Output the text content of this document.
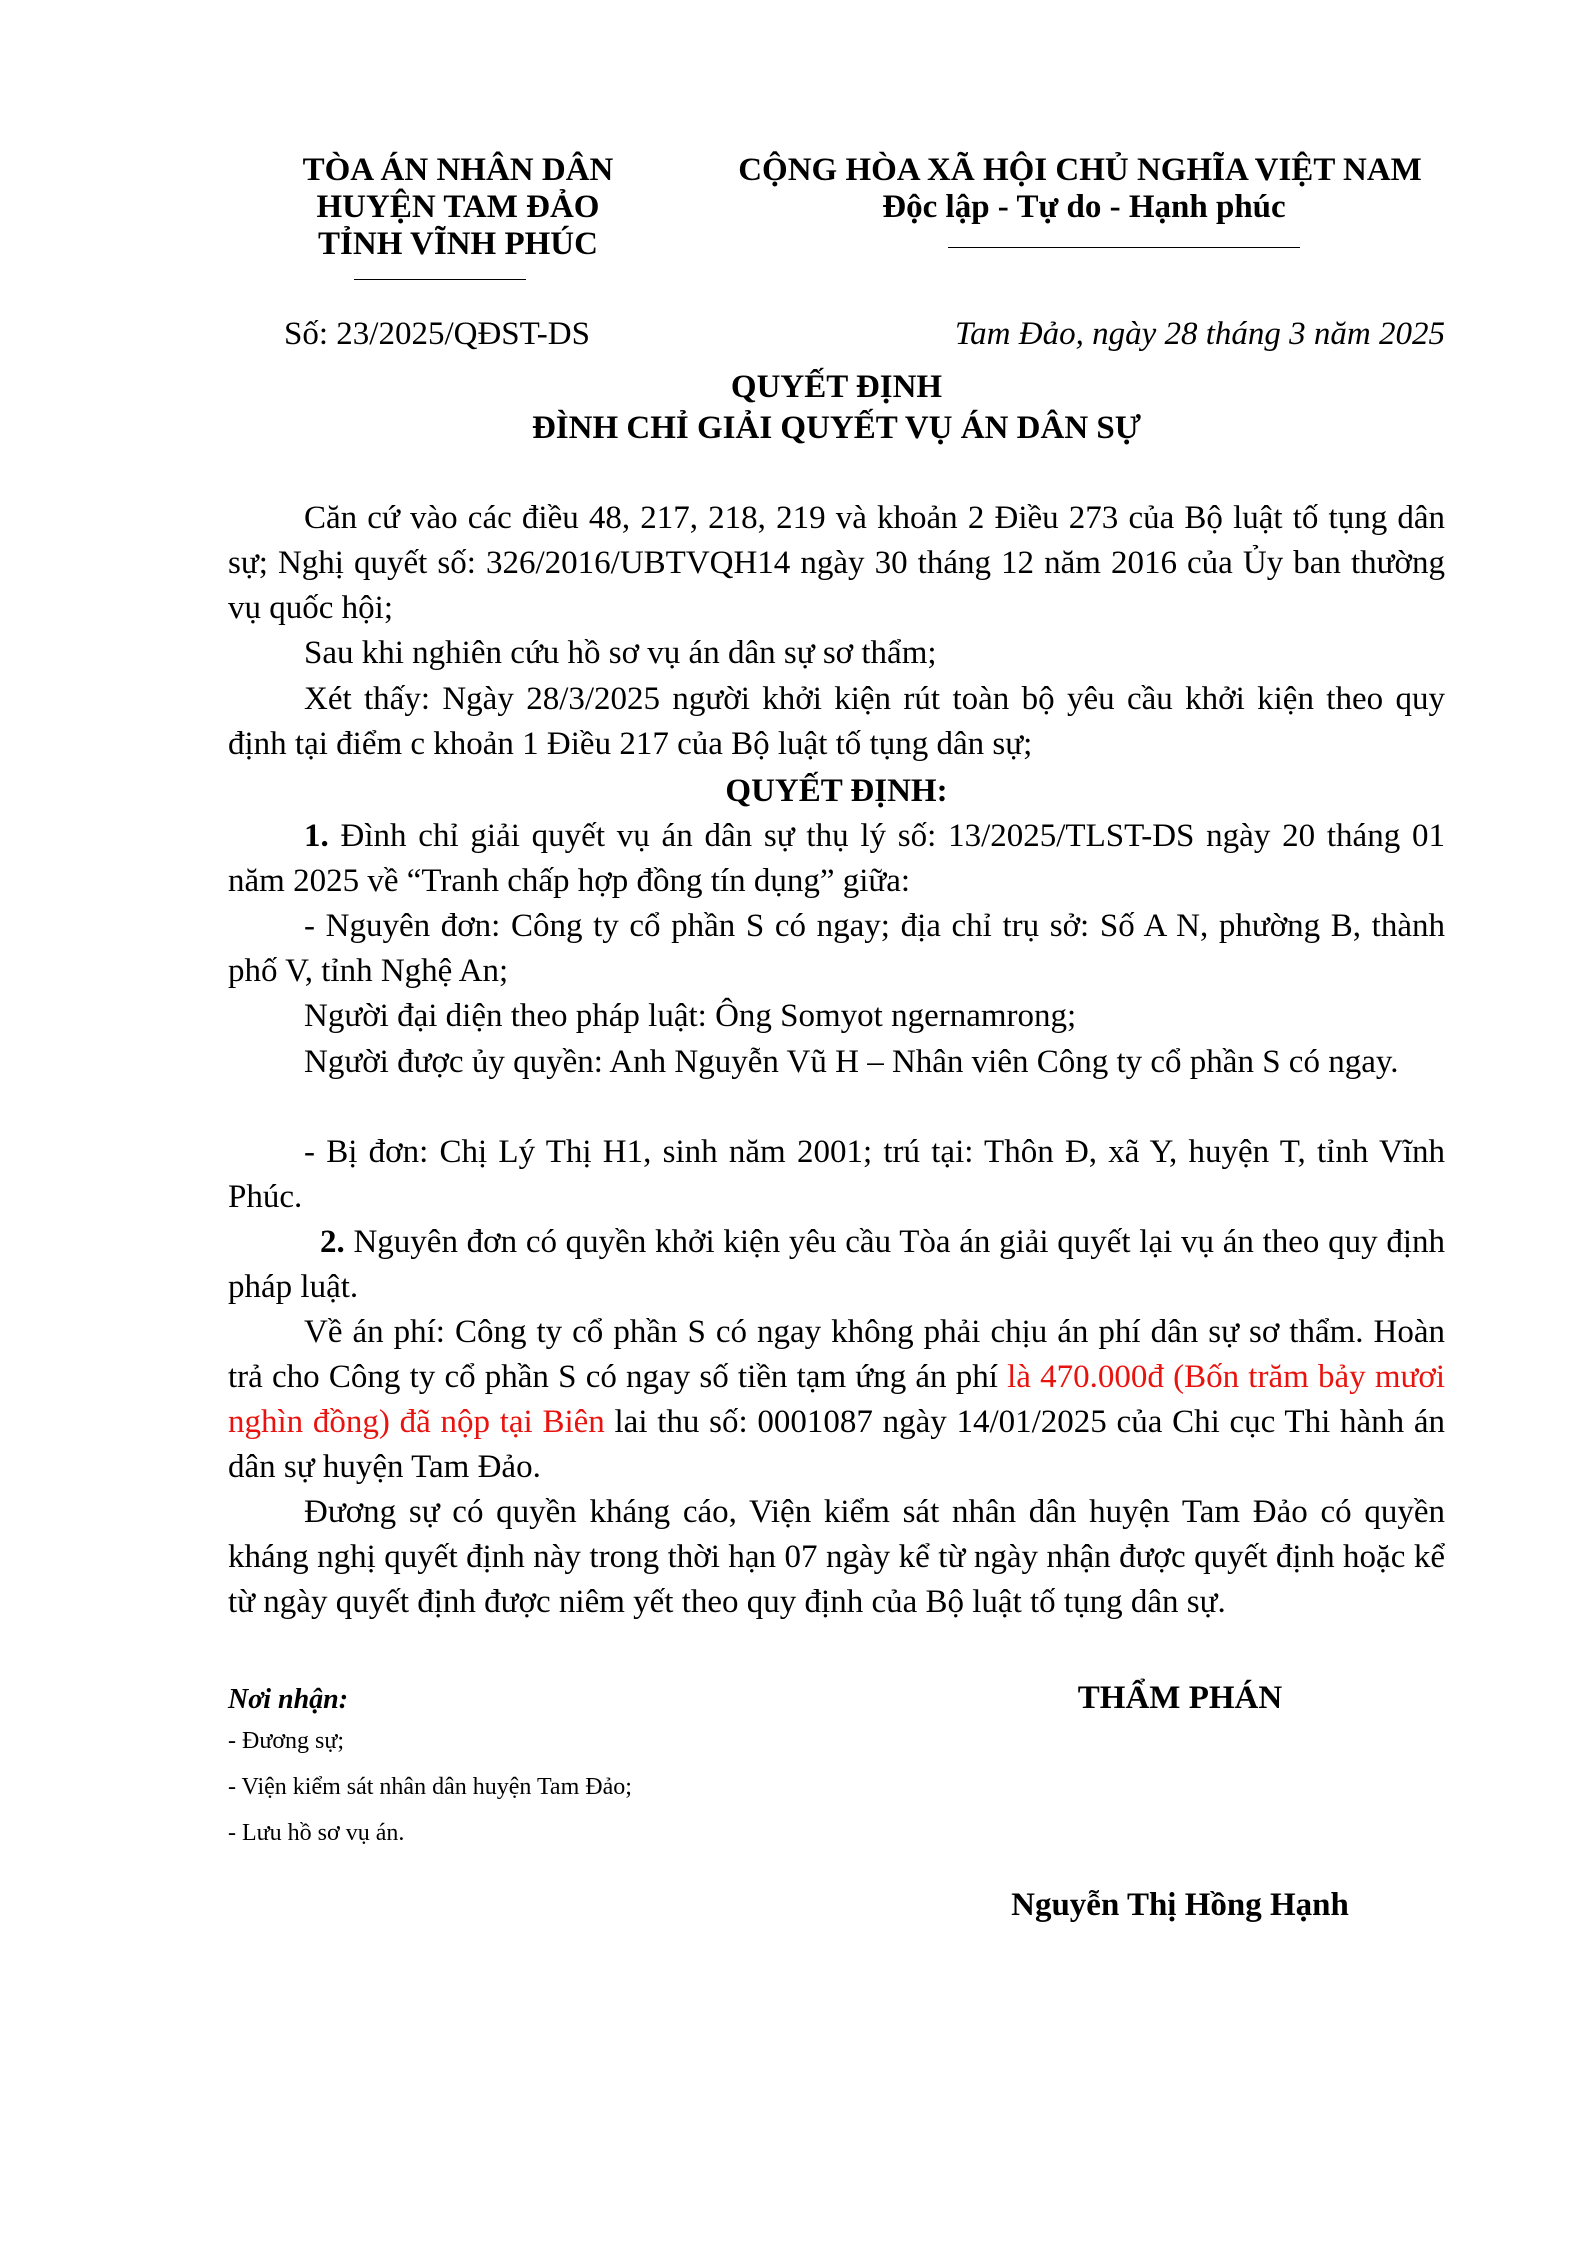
TÒA ÁN NHÂN DÂN
HUYỆN TAM ĐẢO
TỈNH VĨNH PHÚC
CỘNG HÒA XÃ HỘI CHỦ NGHĨA VIỆT NAM
Độc lập - Tự do - Hạnh phúc
Số: 23/2025/QĐST-DS	Tam Đảo, ngày 28 tháng 3 năm 2025
QUYẾT ĐỊNH
ĐÌNH CHỈ GIẢI QUYẾT VỤ ÁN DÂN SỰ

Căn cứ vào các điều 48, 217, 218, 219 và khoản 2 Điều 273 của Bộ luật tố tụng dân sự; Nghị quyết số: 326/2016/UBTVQH14 ngày 30 tháng 12 năm 2016 của Ủy ban thường vụ quốc hội;

Sau khi nghiên cứu hồ sơ vụ án dân sự sơ thẩm;

Xét thấy: Ngày 28/3/2025 người khởi kiện rút toàn bộ yêu cầu khởi kiện theo quy định tại điểm c khoản 1 Điều 217 của Bộ luật tố tụng dân sự;

QUYẾT ĐỊNH:

1. Đình chỉ giải quyết vụ án dân sự thụ lý số: 13/2025/TLST-DS ngày 20 tháng 01 năm 2025 về “Tranh chấp hợp đồng tín dụng” giữa:

- Nguyên đơn: Công ty cổ phần S có ngay; địa chỉ trụ sở: Số A N, phường B, thành phố V, tỉnh Nghệ An;

Người đại diện theo pháp luật: Ông Somyot ngernamrong;

Người được ủy quyền: Anh Nguyễn Vũ H – Nhân viên Công ty cổ phần S có ngay.

- Bị đơn: Chị Lý Thị H1, sinh năm 2001; trú tại: Thôn Đ, xã Y, huyện T, tỉnh Vĩnh Phúc.

2. Nguyên đơn có quyền khởi kiện yêu cầu Tòa án giải quyết lại vụ án theo quy định pháp luật.

Về án phí: Công ty cổ phần S có ngay không phải chịu án phí dân sự sơ thẩm. Hoàn trả cho Công ty cổ phần S có ngay số tiền tạm ứng án phí là 470.000đ (Bốn trăm bảy mươi nghìn đồng) đã nộp tại Biên lai thu số: 0001087 ngày 14/01/2025 của Chi cục Thi hành án dân sự huyện Tam Đảo.

Đương sự có quyền kháng cáo, Viện kiểm sát nhân dân huyện Tam Đảo có quyền kháng nghị quyết định này trong thời hạn 07 ngày kể từ ngày nhận được quyết định hoặc kể từ ngày quyết định được niêm yết theo quy định của Bộ luật tố tụng dân sự.

Nơi nhận:
- Đương sự;
- Viện kiểm sát nhân dân huyện Tam Đảo;
- Lưu hồ sơ vụ án.
THẨM PHÁN
Nguyễn Thị Hồng Hạnh
